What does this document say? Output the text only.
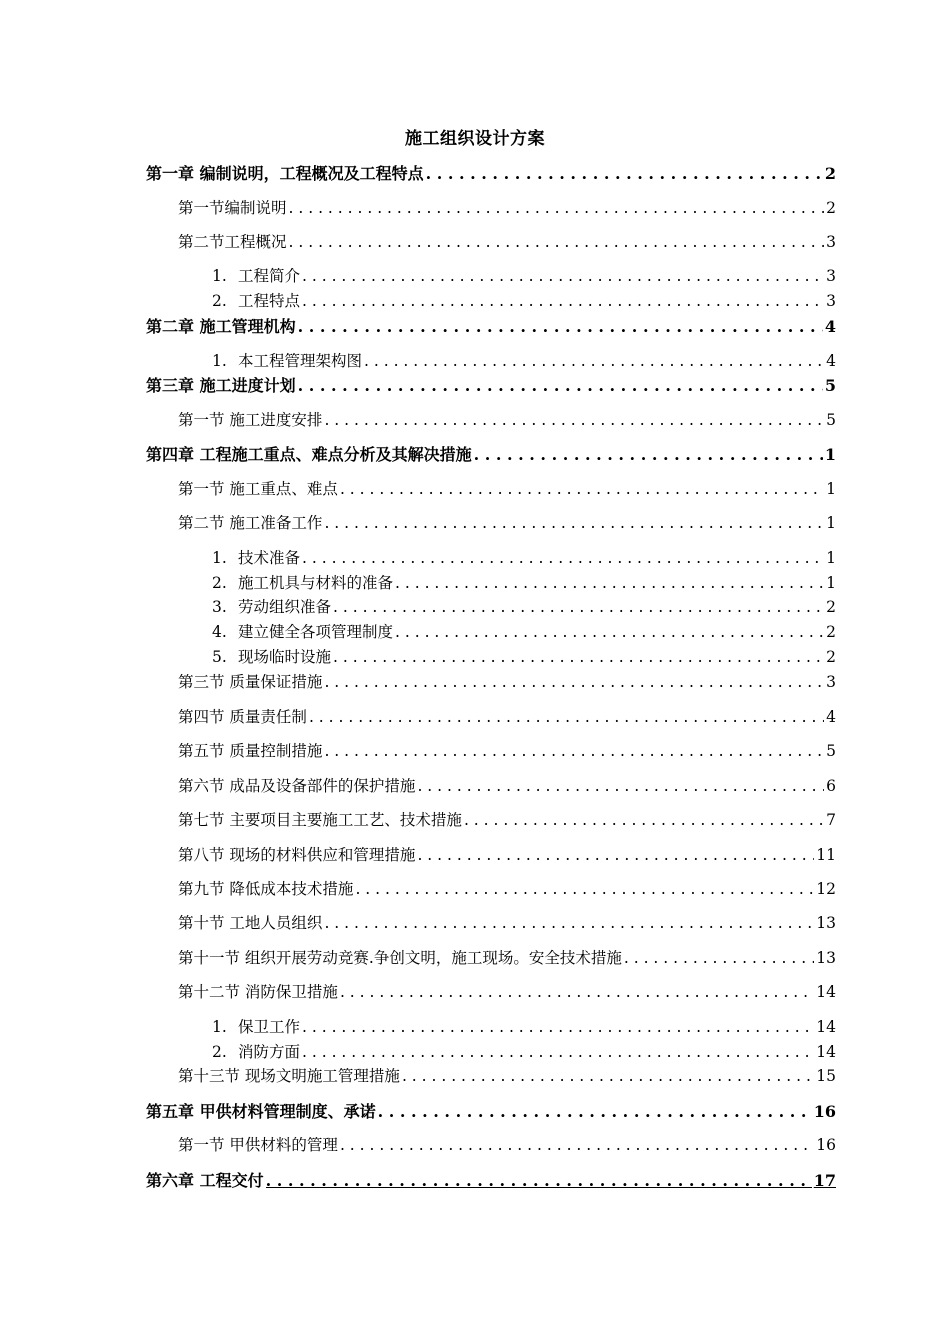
施工组织设计方案
第一章 编制说明，工程概况及工程特点 . . .	2
第一节编制说明 . . .	2
第二节工程概况 . . .	3
1. 工程简介 . . .	3
2. 工程特点 . . .	3
第二章 施工管理机构 . . .	4
1. 本工程管理架构图 . . .	4
第三章 施工进度计划 . . .	5
第一节 施工进度安排 . . .	5
第四章 工程施工重点、难点分析及其解决措施 . . .	1
第一节 施工重点、难点 . . .	1
第二节 施工准备工作 . . .	1
1. 技术准备 . . .	1
2. 施工机具与材料的准备 . . .	1
3. 劳动组织准备 . . .	2
4. 建立健全各项管理制度 . . .	2
5. 现场临时设施 . . .	2
第三节 质量保证措施 . . .	3
第四节 质量责任制 . . .	4
第五节 质量控制措施 . . .	5
第六节 成品及设备部件的保护措施 . . .	6
第七节 主要项目主要施工工艺、技术措施 . . .	7
第八节 现场的材料供应和管理措施 . . .	11
第九节 降低成本技术措施 . . .	12
第十节 工地人员组织 . . .	13
第十一节 组织开展劳动竞赛.争创文明，施工现场。安全技术措施 . . .	13
第十二节 消防保卫措施 . . .	14
1. 保卫工作 . . .	14
2. 消防方面 . . .	14
第十三节 现场文明施工管理措施 . . .	15
第五章 甲供材料管理制度、承诺 . . .	16
第一节 甲供材料的管理 . . .	16
第六章 工程交付 . . .	17
